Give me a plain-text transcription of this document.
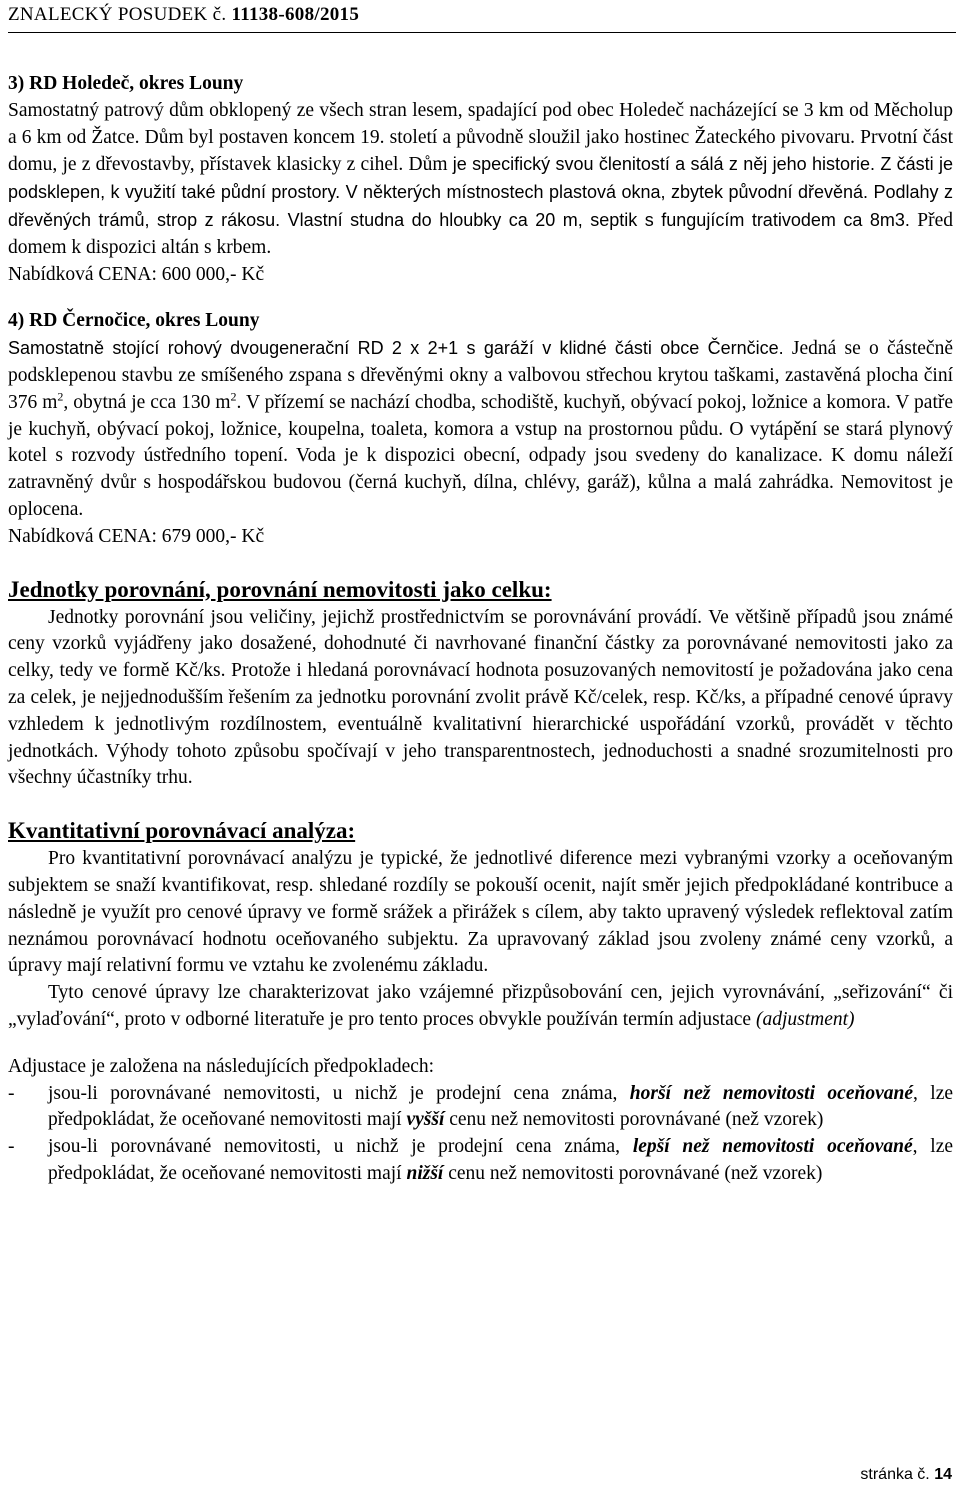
ZNALECKÝ POSUDEK č. 11138-608/2015

3) RD Holedeč, okres Louny

Samostatný patrový dům obklopený ze všech stran lesem, spadající pod obec Holedeč nacházející se 3 km od Měcholup a 6 km od Žatce. Dům byl postaven koncem 19. století a původně sloužil jako hostinec Žateckého pivovaru. Prvotní část domu, je z dřevostavby, přístavek klasicky z cihel. Dům je specifický svou členitostí a sálá z něj jeho historie. Z části je podsklepen, k využití také půdní prostory. V některých místnostech plastová okna, zbytek původní dřevěná. Podlahy z dřevěných trámů, strop z rákosu. Vlastní studna do hloubky ca 20 m, septik s fungujícím trativodem ca 8m3. Před domem k dispozici altán s krbem.

Nabídková CENA: 600 000,- Kč

4) RD Černočice, okres Louny

Samostatně stojící rohový dvougenerační RD 2 x 2+1 s garáží v klidné části obce Černčice. Jedná se o částečně podsklepenou stavbu ze smíšeného zspana s dřevěnými okny a valbovou střechou krytou taškami, zastavěná plocha činí 376 $m^2$, obytná je cca 130 $m^2$. V přízemí se nachází chodba, schodiště, kuchyň, obývací pokoj, ložnice a komora. V patře je kuchyň, obývací pokoj, ložnice, koupelna, toaleta, komora a vstup na prostornou půdu. O vytápění se stará plynový kotel s rozvody ústředního topení. Voda je k dispozici obecní, odpady jsou svedeny do kanalizace. K domu náleží zatravněný dvůr s hospodářskou budovou (černá kuchyň, dílna, chlévy, garáž), kůlna a malá zahrádka. Nemovitost je oplocena.

Nabídková CENA: 679 000,- Kč

Jednotky porovnání, porovnání nemovitosti jako celku:

Jednotky porovnání jsou veličiny, jejichž prostřednictvím se porovnávání provádí. Ve většině případů jsou známé ceny vzorků vyjádřeny jako dosažené, dohodnuté či navrhované finanční částky za porovnávané nemovitosti jako za celky, tedy ve formě Kč/ks. Protože i hledaná porovnávací hodnota posuzovaných nemovitostí je požadována jako cena za celek, je nejjednodušším řešením za jednotku porovnání zvolit právě Kč/celek, resp. Kč/ks, a případné cenové úpravy vzhledem k jednotlivým rozdílnostem, eventuálně kvalitativní hierarchické uspořádání vzorků, provádět v těchto jednotkách. Výhody tohoto způsobu spočívají v jeho transparentnostech, jednoduchosti a snadné srozumitelnosti pro všechny účastníky trhu.

Kvantitativní porovnávací analýza:

Pro kvantitativní porovnávací analýzu je typické, že jednotlivé diference mezi vybranými vzorky a oceňovaným subjektem se snaží kvantifikovat, resp. shledané rozdíly se pokouší ocenit, najít směr jejich předpokládané kontribuce a následně je využít pro cenové úpravy ve formě srážek a přirážek s cílem, aby takto upravený výsledek reflektoval zatím neznámou porovnávací hodnotu oceňovaného subjektu. Za upravovaný základ jsou zvoleny známé ceny vzorků, a úpravy mají relativní formu ve vztahu ke zvolenému základu.

Tyto cenové úpravy lze charakterizovat jako vzájemné přizpůsobování cen, jejich vyrovnávání, „seřizování“ či „vylaďování“, proto v odborné literatuře je pro tento proces obvykle používán termín adjustace (adjustment)

Adjustace je založena na následujících předpokladech:

-	jsou-li porovnávané nemovitosti, u nichž je prodejní cena známa, horší než nemovitosti oceňované, lze předpokládat, že oceňované nemovitosti mají vyšší cenu než nemovitosti porovnávané (než vzorek)
-	jsou-li porovnávané nemovitosti, u nichž je prodejní cena známa, lepší než nemovitosti oceňované, lze předpokládat, že oceňované nemovitosti mají nižší cenu než nemovitosti porovnávané (než vzorek)
stránka č. 14
